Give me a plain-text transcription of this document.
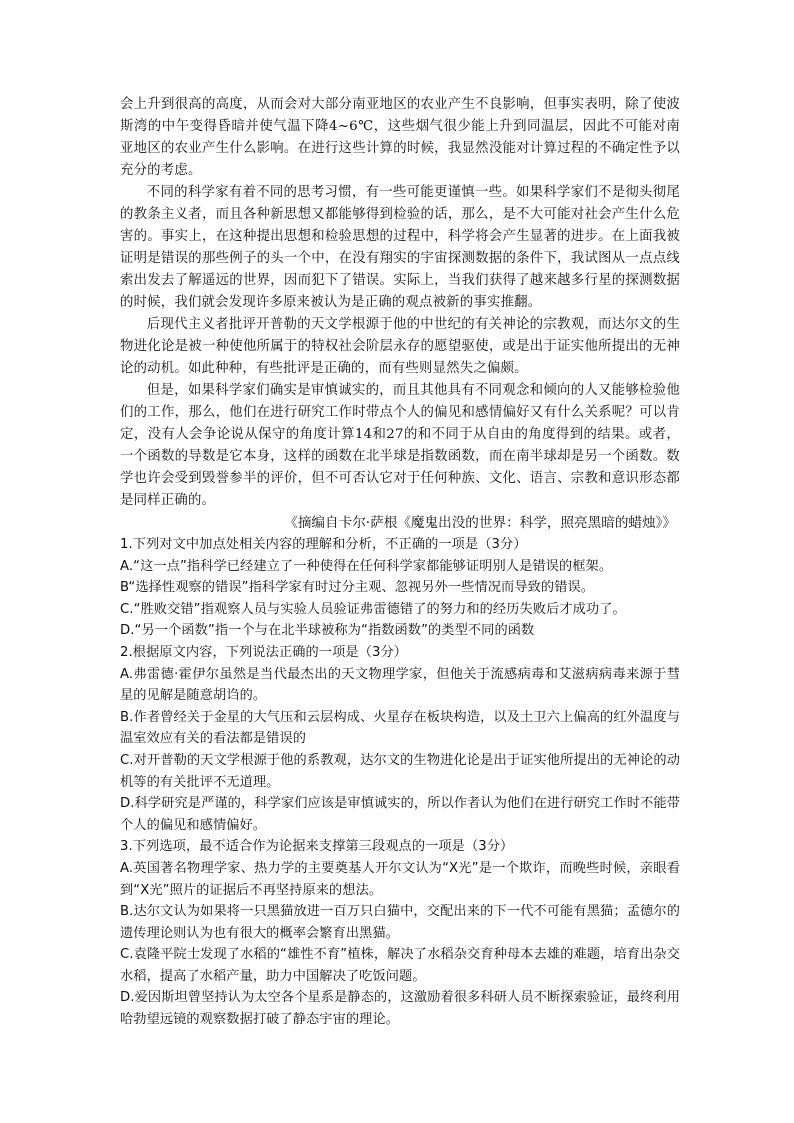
会上升到很高的高度，从而会对大部分南亚地区的农业产生不良影响，但事实表明，除了使波斯湾的中午变得昏暗并使气温下降4~6℃，这些烟气很少能上升到同温层，因此不可能对南亚地区的农业产生什么影响。在进行这些计算的时候，我显然没能对计算过程的不确定性予以充分的考虑。

不同的科学家有着不同的思考习惯，有一些可能更谨慎一些。如果科学家们不是彻头彻尾的教条主义者，而且各种新思想又都能够得到检验的话，那么，是不大可能对社会产生什么危害的。事实上，在这种提出思想和检验思想的过程中，科学将会产生显著的进步。在上面我被证明是错误的那些例子的头一个中，在没有翔实的宇宙探测数据的条件下，我试图从一点点线索出发去了解遥远的世界，因而犯下了错误。实际上，当我们获得了越来越多行星的探测数据的时候，我们就会发现许多原来被认为是正确的观点被新的事实推翻。

后现代主义者批评开普勒的天文学根源于他的中世纪的有关神论的宗教观，而达尔文的生物进化论是被一种使他所属于的特权社会阶层永存的愿望驱使，或是出于证实他所提出的无神论的动机。如此种种，有些批评是正确的，而有些则显然失之偏颇。

但是，如果科学家们确实是审慎诚实的，而且其他具有不同观念和倾向的人又能够检验他们的工作，那么，他们在进行研究工作时带点个人的偏见和感情偏好又有什么关系呢？可以肯定，没有人会争论说从保守的角度计算14和27的和不同于从自由的角度得到的结果。或者，一个函数的导数是它本身，这样的函数在北半球是指数函数，而在南半球却是另一个函数。数学也许会受到毁誉参半的评价，但不可否认它对于任何种族、文化、语言、宗教和意识形态都是同样正确的。

《摘编自卡尔·萨根《魔鬼出没的世界：科学，照亮黑暗的蜡烛》》

1.下列对文中加点处相关内容的理解和分析，不正确的一项是（3分）

A.“这一点”指科学已经建立了一种使得在任何科学家都能够证明别人是错误的框架。

B“选择性观察的错误”指科学家有时过分主观、忽视另外一些情况而导致的错误。

C.“胜败交错”指观察人员与实验人员验证弗雷德错了的努力和的经历失败后才成功了。

D.“另一个函数”指一个与在北半球被称为“指数函数”的类型不同的函数

2.根据原文内容，下列说法正确的一项是（3分）

A.弗雷德·霍伊尔虽然是当代最杰出的天文物理学家，但他关于流感病毒和艾滋病病毒来源于彗星的见解是随意胡诌的。

B.作者曾经关于金星的大气压和云层构成、火星存在板块构造，以及土卫六上偏高的红外温度与温室效应有关的看法都是错误的

C.对开普勒的天文学根源于他的系教观，达尔文的生物进化论是出于证实他所提出的无神论的动机等的有关批评不无道理。

D.科学研究是严谨的，科学家们应该是审慎诚实的，所以作者认为他们在进行研究工作时不能带个人的偏见和感情偏好。

3.下列选项，最不适合作为论据来支撑第三段观点的一项是（3分）

A.英国著名物理学家、热力学的主要奠基人开尔文认为“X光”是一个欺诈，而晚些时候，亲眼看到“X光”照片的证据后不再坚持原来的想法。

B.达尔文认为如果将一只黑猫放进一百万只白猫中，交配出来的下一代不可能有黑猫；孟德尔的遗传理论则认为也有很大的概率会繁育出黑猫。

C.袁隆平院士发现了水稻的“雄性不育”植株，解决了水稻杂交育种母本去雄的难题，培育出杂交水稻，提高了水稻产量，助力中国解决了吃饭问题。

D.爱因斯坦曾坚持认为太空各个星系是静态的，这激励着很多科研人员不断探索验证，最终利用哈勃望远镜的观察数据打破了静态宇宙的理论。
